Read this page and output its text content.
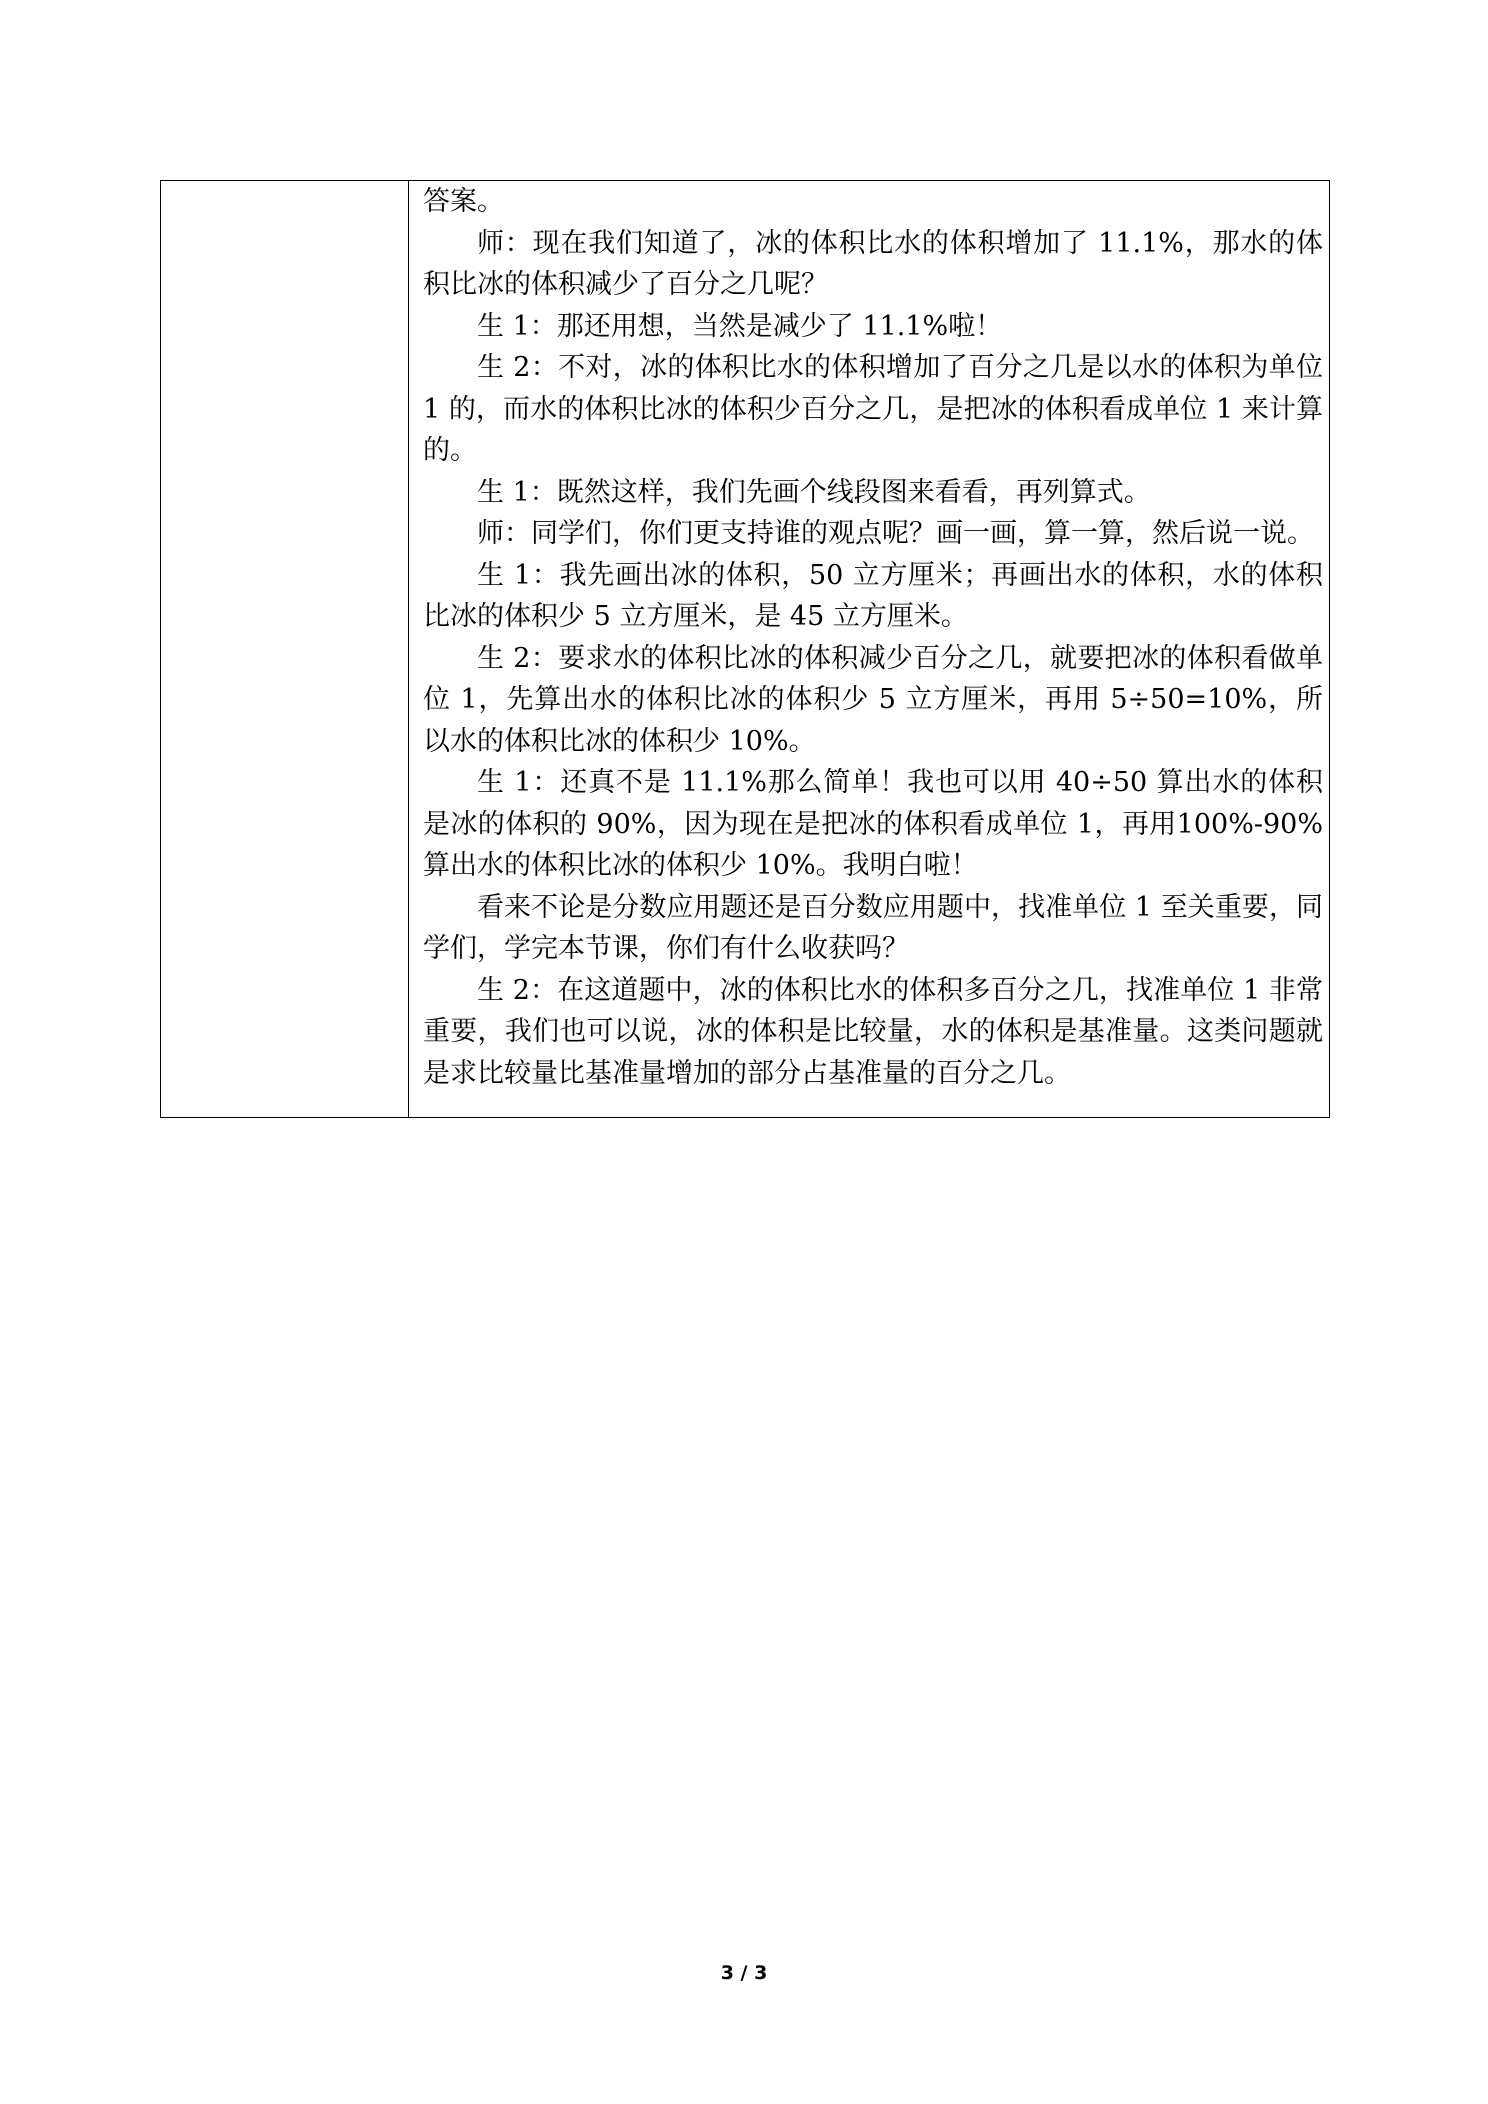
答案。

师：现在我们知道了，冰的体积比水的体积增加了 11.1%，那水的体积比冰的体积减少了百分之几呢？

生 1：那还用想，当然是减少了 11.1%啦！

生 2：不对，冰的体积比水的体积增加了百分之几是以水的体积为单位 1 的，而水的体积比冰的体积少百分之几，是把冰的体积看成单位 1 来计算的。

生 1：既然这样，我们先画个线段图来看看，再列算式。

师：同学们，你们更支持谁的观点呢？画一画，算一算，然后说一说。

生 1：我先画出冰的体积，50 立方厘米；再画出水的体积，水的体积比冰的体积少 5 立方厘米，是 45 立方厘米。

生 2：要求水的体积比冰的体积减少百分之几，就要把冰的体积看做单位 1，先算出水的体积比冰的体积少 5 立方厘米，再用 5÷50=10%，所以水的体积比冰的体积少 10%。

生 1：还真不是 11.1%那么简单！我也可以用 40÷50 算出水的体积是冰的体积的 90%，因为现在是把冰的体积看成单位 1，再用100%-90%算出水的体积比冰的体积少 10%。我明白啦！

看来不论是分数应用题还是百分数应用题中，找准单位 1 至关重要，同学们，学完本节课，你们有什么收获吗？

生 2：在这道题中，冰的体积比水的体积多百分之几，找准单位 1 非常重要，我们也可以说，冰的体积是比较量，水的体积是基准量。这类问题就是求比较量比基准量增加的部分占基准量的百分之几。

3 / 3
